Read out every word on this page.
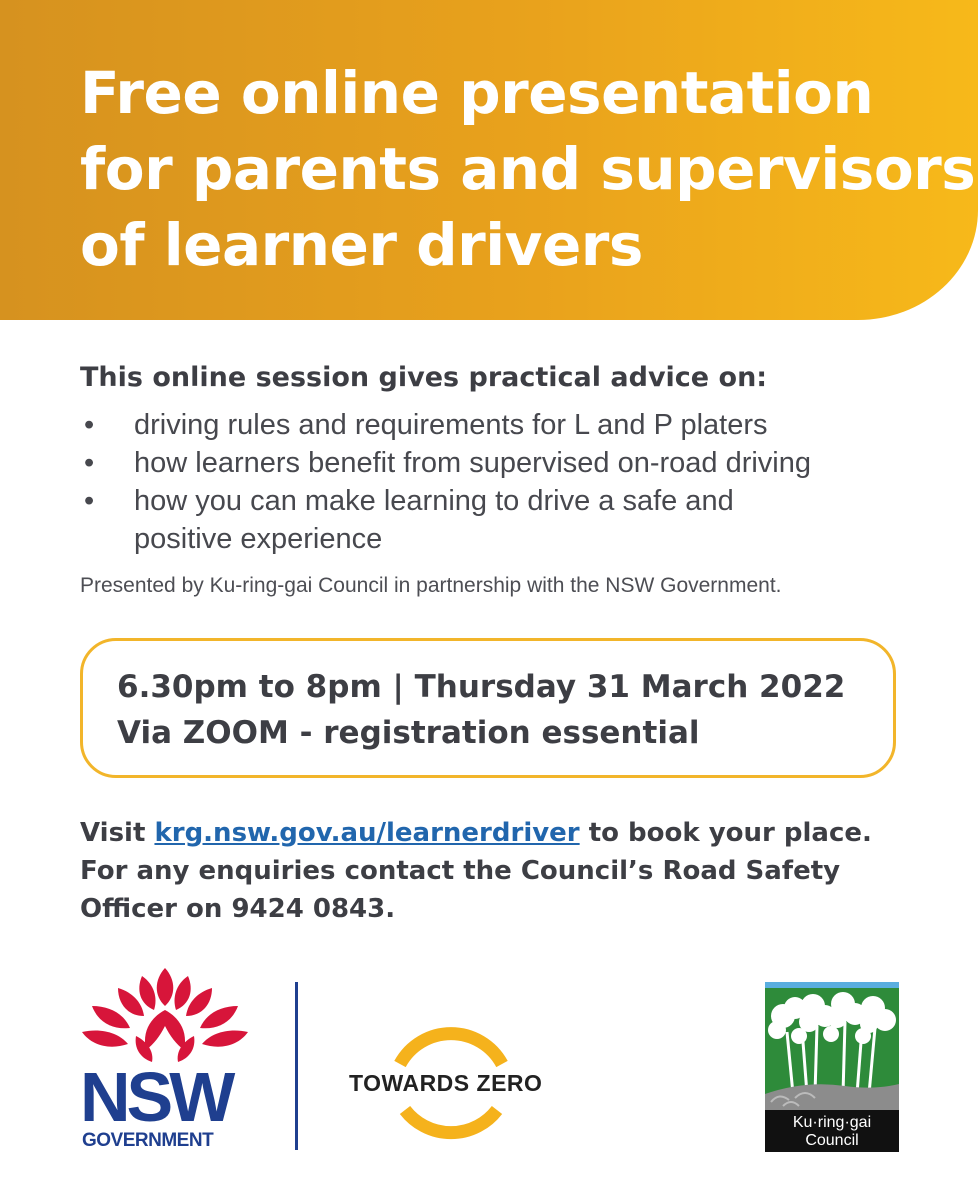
Free online presentation
for parents and supervisors
of learner drivers
This online session gives practical advice on:
• driving rules and requirements for L and P platers
• how learners benefit from supervised on-road driving
• how you can make learning to drive a safe and
positive experience
Presented by Ku-ring-gai Council in partnership with the NSW Government.
6.30pm to 8pm | Thursday 31 March 2022
Via ZOOM - registration essential
Visit krg.nsw.gov.au/learnerdriver to book your place.
For any enquiries contact the Council’s Road Safety
Officer on 9424 0843.
NSW
GOVERNMENT
TOWARDS ZERO
Ku·ring·gai
Council
